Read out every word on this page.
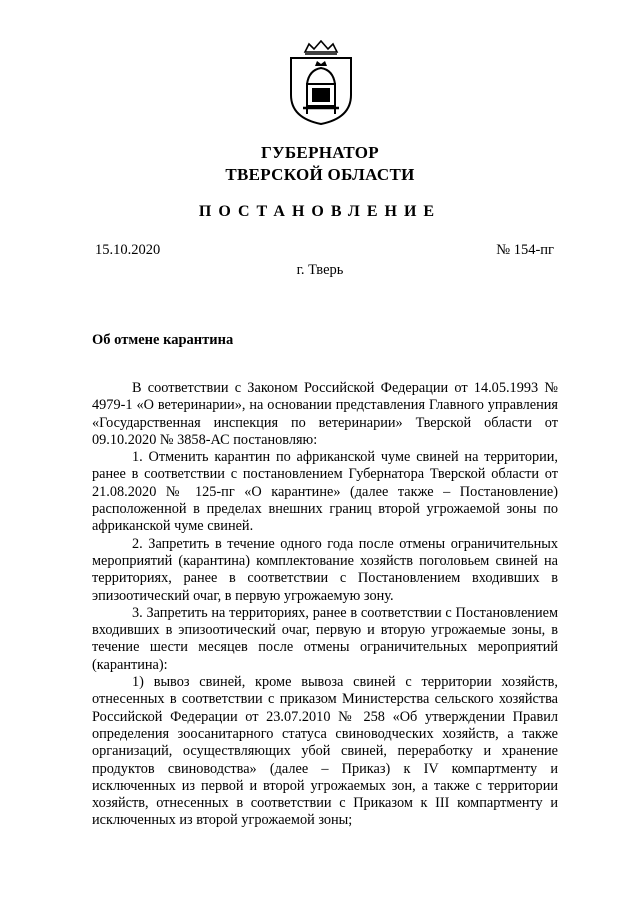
ГУБЕРНАТОР
ТВЕРСКОЙ ОБЛАСТИ
ПОСТАНОВЛЕНИЕ
15.10.2020	№ 154-пг
г. Тверь
Об отмене карантина

В соответствии с Законом Российской Федерации от 14.05.1993 № 4979-1 «О ветеринарии», на основании представления Главного управления «Государственная инспекция по ветеринарии» Тверской области от 09.10.2020 № 3858-АС постановляю:

1. Отменить карантин по африканской чуме свиней на территории, ранее в соответствии с постановлением Губернатора Тверской области от 21.08.2020 № 125-пг «О карантине» (далее также – Постановление) расположенной в пределах внешних границ второй угрожаемой зоны по африканской чуме свиней.

2. Запретить в течение одного года после отмены ограничительных мероприятий (карантина) комплектование хозяйств поголовьем свиней на территориях, ранее в соответствии с Постановлением входивших в эпизоотический очаг, в первую угрожаемую зону.

3. Запретить на территориях, ранее в соответствии с Постановлением входивших в эпизоотический очаг, первую и вторую угрожаемые зоны, в течение шести месяцев после отмены ограничительных мероприятий (карантина):

1) вывоз свиней, кроме вывоза свиней с территории хозяйств, отнесенных в соответствии с приказом Министерства сельского хозяйства Российской Федерации от 23.07.2010 № 258 «Об утверждении Правил определения зоосанитарного статуса свиноводческих хозяйств, а также организаций, осуществляющих убой свиней, переработку и хранение продуктов свиноводства» (далее – Приказ) к IV компартменту и исключенных из первой и второй угрожаемых зон, а также с территории хозяйств, отнесенных в соответствии с Приказом к III компартменту и исключенных из второй угрожаемой зоны;
